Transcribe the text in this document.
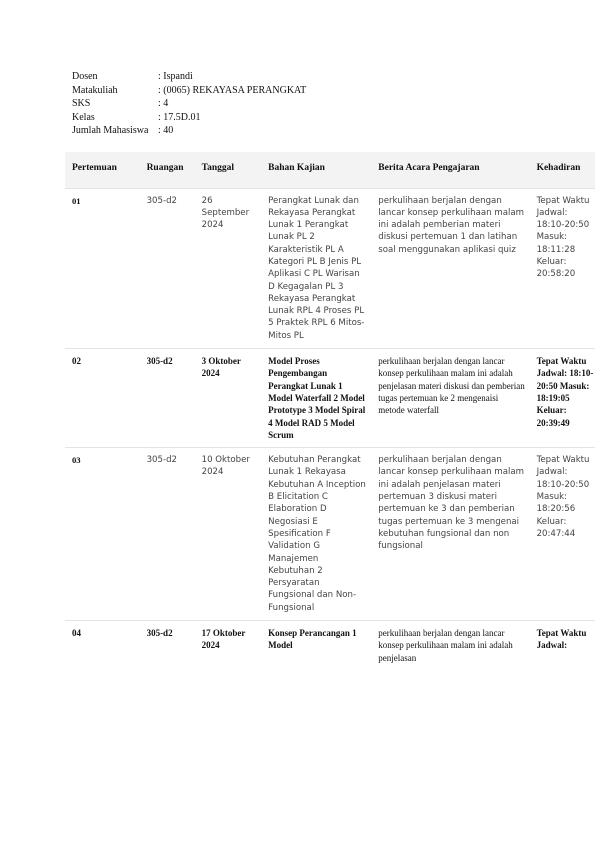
Dosen	: Ispandi
Matakuliah	: (0065) REKAYASA PERANGKAT
SKS	: 4
Kelas	: 17.5D.01
Jumlah Mahasiswa : 40
Pertemuan	Ruangan	Tanggal	Bahan Kajian	Berita Acara Pengajaran	Kehadiran

01	305-d2	26 September 2024	Perangkat Lunak dan Rekayasa Perangkat Lunak 1 Perangkat Lunak PL 2 Karakteristik PL A Kategori PL B Jenis PL Aplikasi C PL Warisan D Kegagalan PL 3 Rekayasa Perangkat Lunak RPL 4 Proses PL 5 Praktek RPL 6 Mitos-Mitos PL	perkulihaan berjalan dengan lancar konsep perkulihaan malam ini adalah pemberian materi diskusi pertemuan 1 dan latihan soal menggunakan aplikasi quiz	Tepat Waktu Jadwal: 18:10-20:50 Masuk: 18:11:28 Keluar: 20:58:20

02	305-d2	3 Oktober 2024	Model Proses Pengembangan Perangkat Lunak 1 Model Waterfall 2 Model Prototype 3 Model Spiral 4 Model RAD 5 Model Scrum	perkulihaan berjalan dengan lancar konsep perkulihaan malam ini adalah penjelasan materi diskusi dan pemberian tugas pertemuan ke 2 mengenaisi metode waterfall	Tepat Waktu Jadwal: 18:10-20:50 Masuk: 18:19:05 Keluar: 20:39:49

03	305-d2	10 Oktober 2024	Kebutuhan Perangkat Lunak 1 Rekayasa Kebutuhan A Inception B Elicitation C Elaboration D Negosiasi E Spesification F Validation G Manajemen Kebutuhan 2 Persyaratan Fungsional dan Non-Fungsional	perkulihaan berjalan dengan lancar konsep perkulihaan malam ini adalah penjelasan materi pertemuan 3 diskusi materi pertemuan ke 3 dan pemberian tugas pertemuan ke 3 mengenai kebutuhan fungsional dan non fungsional	Tepat Waktu Jadwal: 18:10-20:50 Masuk: 18:20:56 Keluar: 20:47:44

04	305-d2	17 Oktober 2024	Konsep Perancangan 1 Model	perkulihaan berjalan dengan lancar konsep perkulihaan malam ini adalah penjelasan	Tepat Waktu Jadwal:
